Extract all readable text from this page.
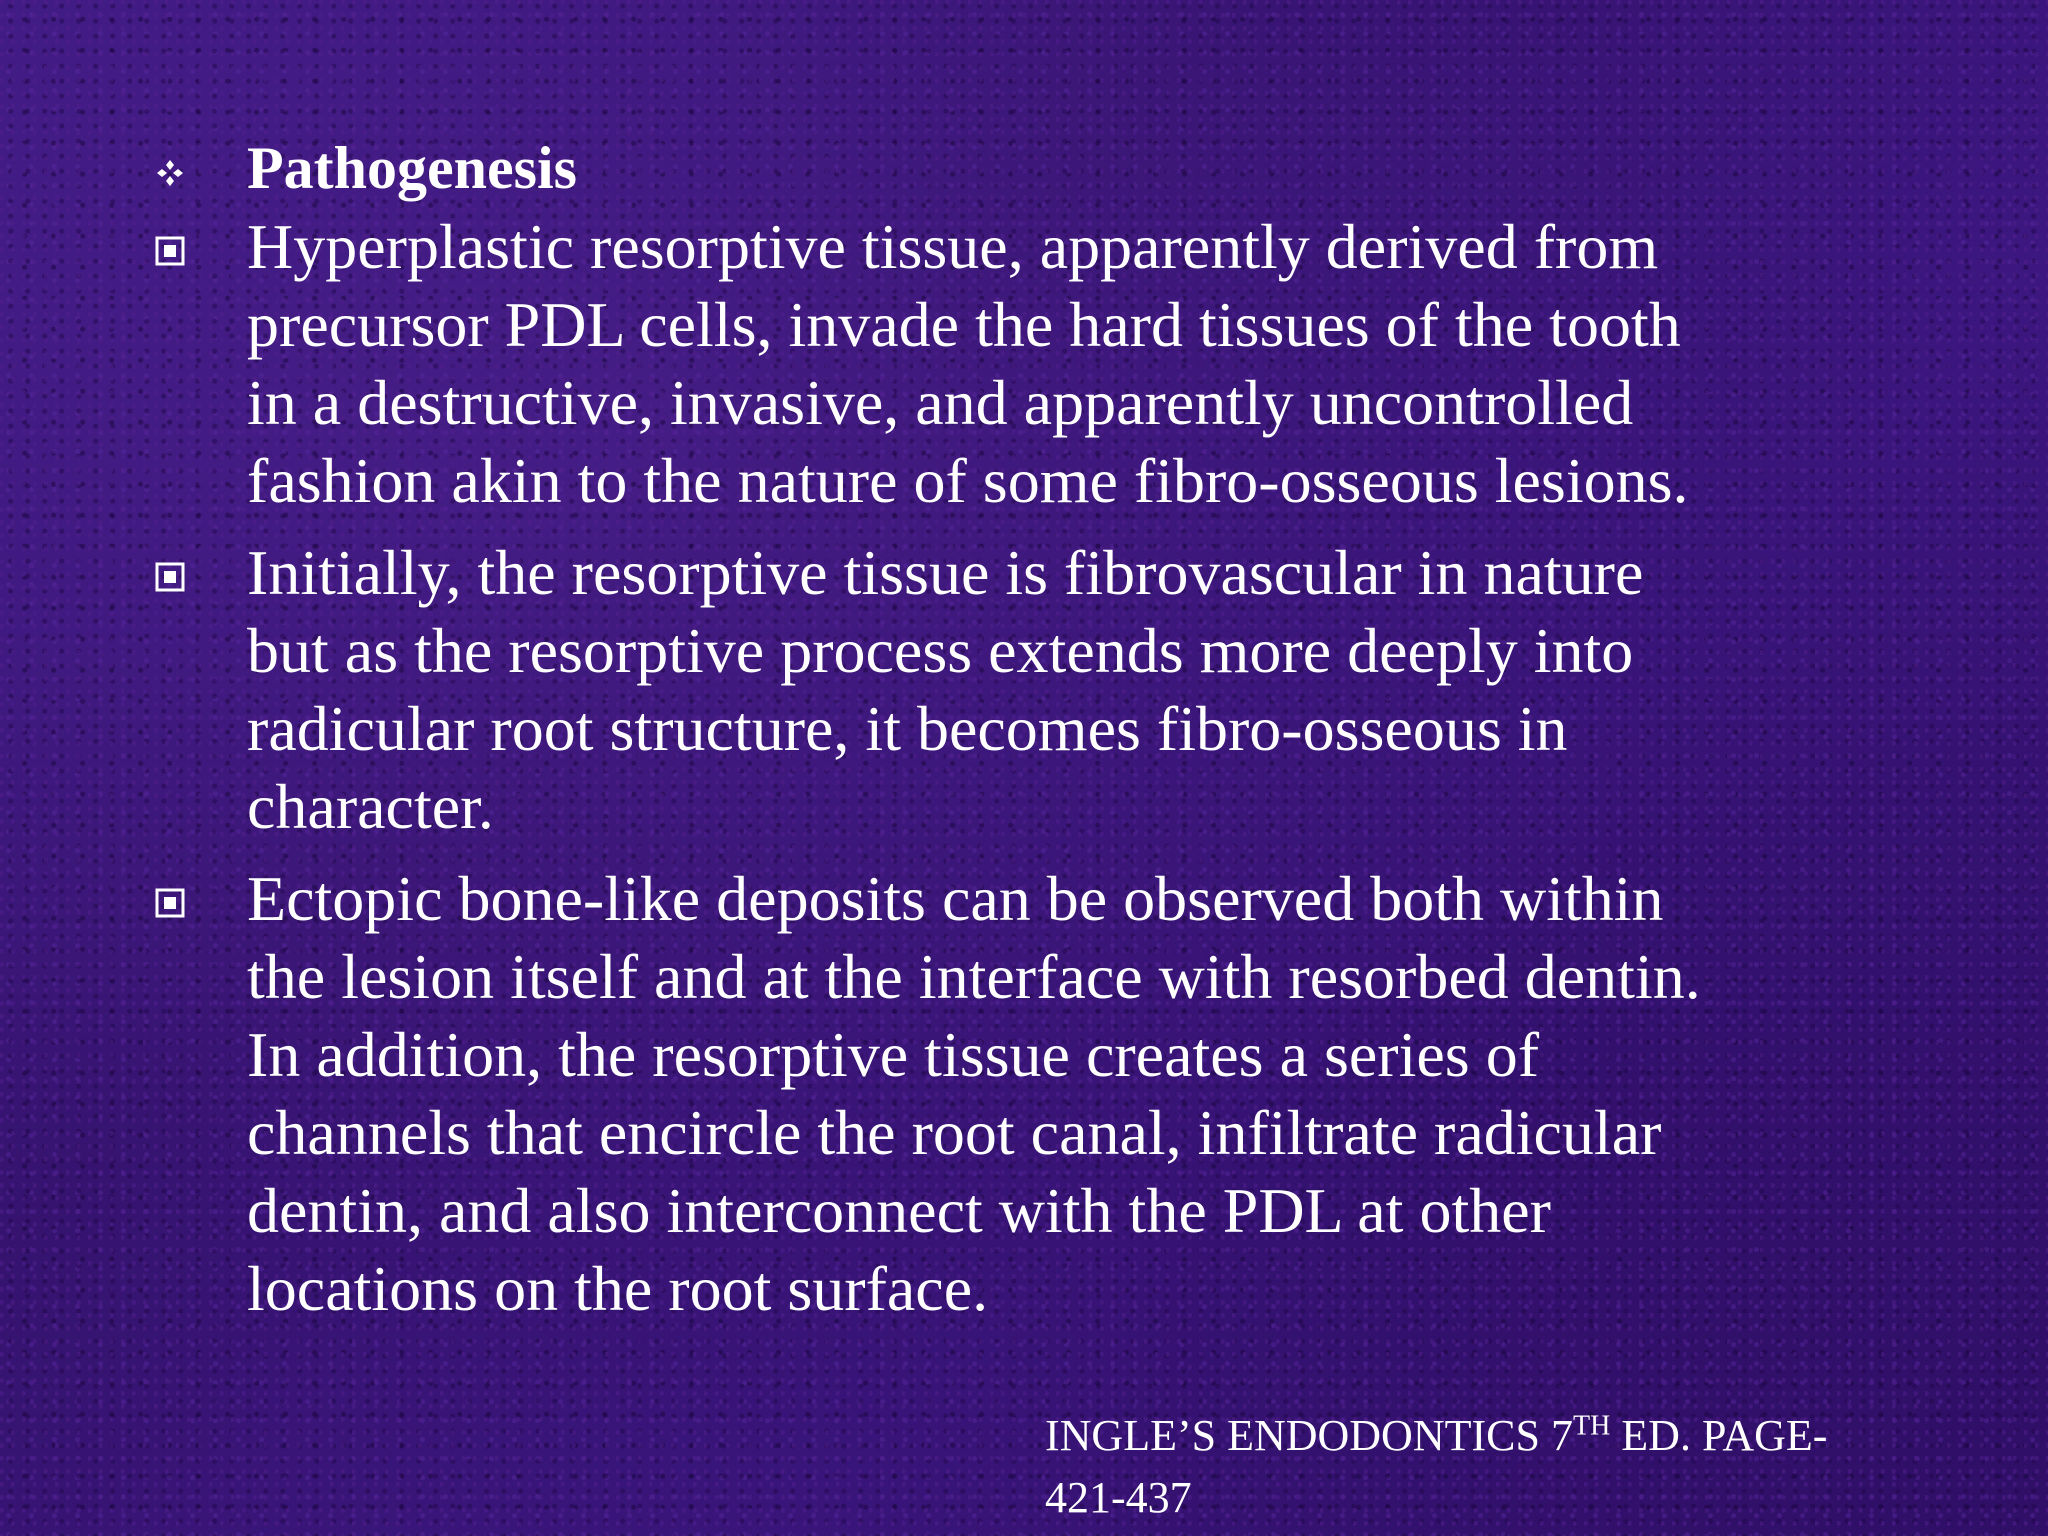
Pathogenesis
Hyperplastic resorptive tissue, apparently derived from
precursor PDL cells, invade the hard tissues of the tooth
in a destructive, invasive, and apparently uncontrolled
fashion akin to the nature of some fibro-osseous lesions.
Initially, the resorptive tissue is fibrovascular in nature
but as the resorptive process extends more deeply into
radicular root structure, it becomes fibro-osseous in
character.
Ectopic bone-like deposits can be observed both within
the lesion itself and at the interface with resorbed dentin.
In addition, the resorptive tissue creates a series of
channels that encircle the root canal, infiltrate radicular
dentin, and also interconnect with the PDL at other
locations on the root surface.
INGLE’S ENDODONTICS 7TH ED. PAGE-
421-437
